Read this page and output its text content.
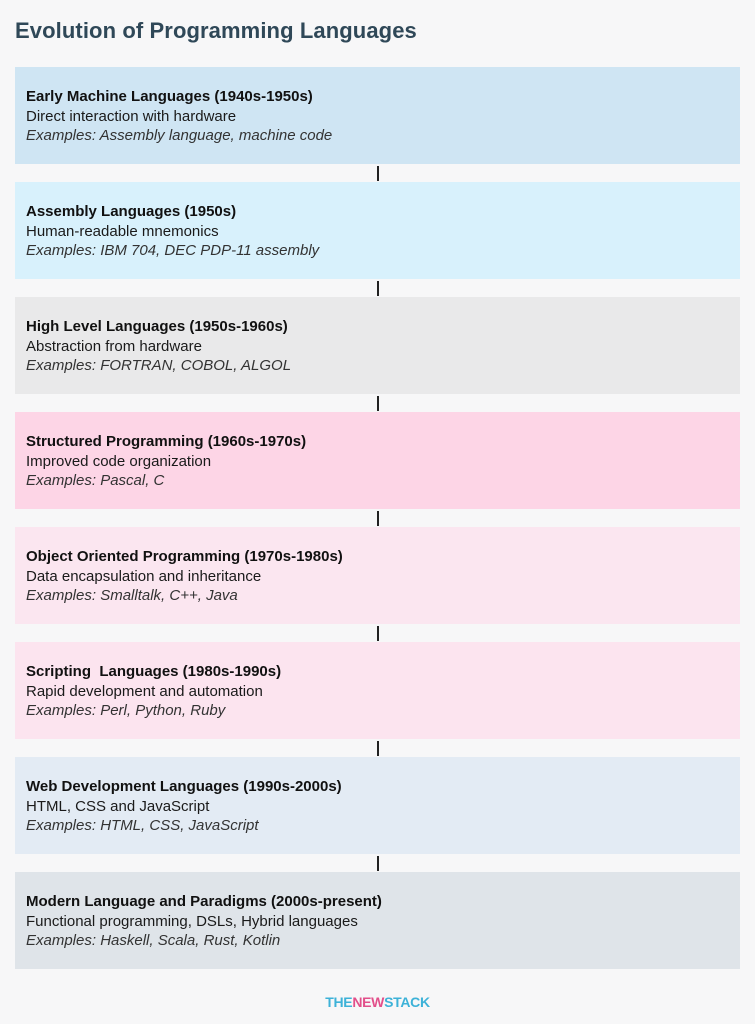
Evolution of Programming Languages
Early Machine Languages (1940s-1950s)
Direct interaction with hardware
Examples: Assembly language, machine code
Assembly Languages (1950s)
Human-readable mnemonics
Examples: IBM 704, DEC PDP-11 assembly
High Level Languages (1950s-1960s)
Abstraction from hardware
Examples: FORTRAN, COBOL, ALGOL
Structured Programming (1960s-1970s)
Improved code organization
Examples: Pascal, C
Object Oriented Programming (1970s-1980s)
Data encapsulation and inheritance
Examples: Smalltalk, C++, Java
Scripting  Languages (1980s-1990s)
Rapid development and automation
Examples: Perl, Python, Ruby
Web Development Languages (1990s-2000s)
HTML, CSS and JavaScript
Examples: HTML, CSS, JavaScript
Modern Language and Paradigms (2000s-present)
Functional programming, DSLs, Hybrid languages
Examples: Haskell, Scala, Rust, Kotlin
THENEWSTACK
